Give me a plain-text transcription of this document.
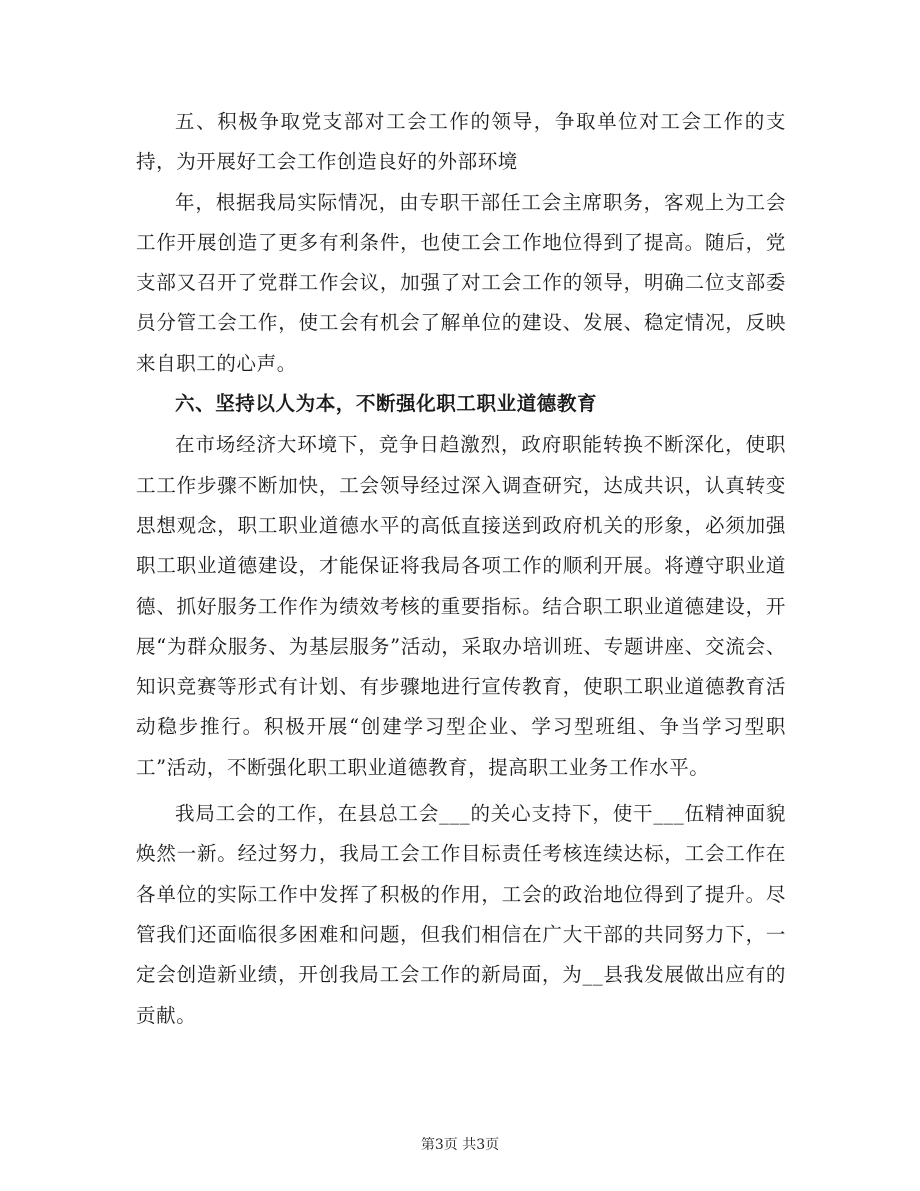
五、积极争取党支部对工会工作的领导，争取单位对工会工作的支持，为开展好工会工作创造良好的外部环境

年，根据我局实际情况，由专职干部任工会主席职务，客观上为工会工作开展创造了更多有利条件，也使工会工作地位得到了提高。随后，党支部又召开了党群工作会议，加强了对工会工作的领导，明确二位支部委员分管工会工作，使工会有机会了解单位的建设、发展、稳定情况，反映来自职工的心声。

六、坚持以人为本，不断强化职工职业道德教育

在市场经济大环境下，竞争日趋激烈，政府职能转换不断深化，使职工工作步骤不断加快，工会领导经过深入调查研究，达成共识，认真转变思想观念，职工职业道德水平的高低直接送到政府机关的形象，必须加强职工职业道德建设，才能保证将我局各项工作的顺利开展。将遵守职业道德、抓好服务工作作为绩效考核的重要指标。结合职工职业道德建设，开展“为群众服务、为基层服务”活动，采取办培训班、专题讲座、交流会、知识竞赛等形式有计划、有步骤地进行宣传教育，使职工职业道德教育活动稳步推行。积极开展“创建学习型企业、学习型班组、争当学习型职工”活动，不断强化职工职业道德教育，提高职工业务工作水平。

我局工会的工作，在县总工会___的关心支持下，使干___伍精神面貌焕然一新。经过努力，我局工会工作目标责任考核连续达标，工会工作在各单位的实际工作中发挥了积极的作用，工会的政治地位得到了提升。尽管我们还面临很多困难和问题，但我们相信在广大干部的共同努力下，一定会创造新业绩，开创我局工会工作的新局面，为__县我发展做出应有的贡献。

第3页 共3页
